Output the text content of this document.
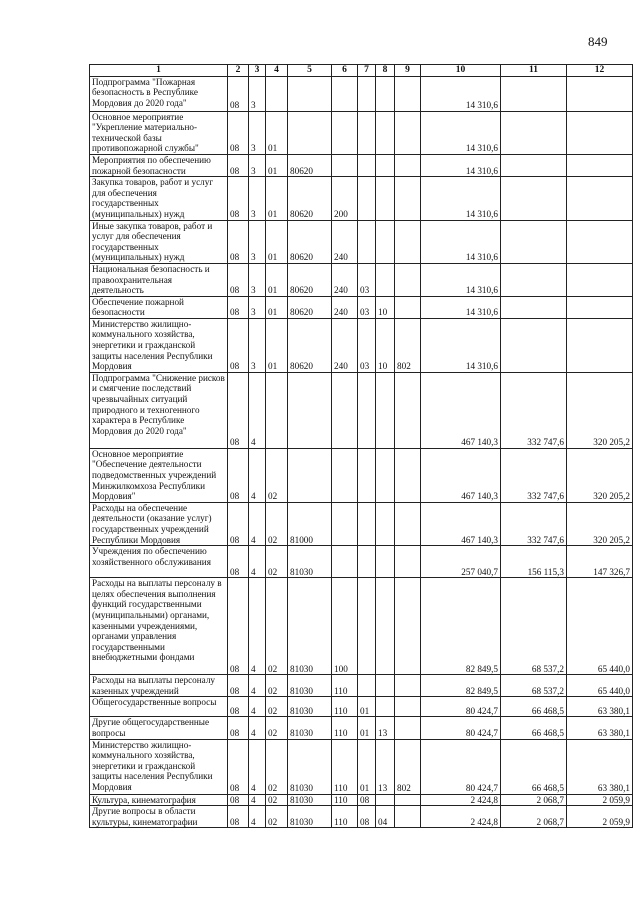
849
1	2	3	4	5	6	7	8	9	10	11	12
Подпрограмма "Пожарная безопасность в Республике Мордовия до 2020 года"	08	3							14 310,6		
Основное мероприятие "Укрепление материально-технической базы противопожарной службы"	08	3	01						14 310,6		
Мероприятия по обеспечению пожарной безопасности	08	3	01	80620					14 310,6		
Закупка товаров, работ и услуг для обеспечения государственных (муниципальных) нужд	08	3	01	80620	200				14 310,6		
Иные закупка товаров, работ и услуг для обеспечения государственных (муниципальных) нужд	08	3	01	80620	240				14 310,6		
Национальная безопасность и правоохранительная деятельность	08	3	01	80620	240	03			14 310,6		
Обеспечение пожарной безопасности	08	3	01	80620	240	03	10		14 310,6		
Министерство жилищно-коммунального хозяйства, энергетики и гражданской защиты населения Республики Мордовия	08	3	01	80620	240	03	10	802	14 310,6		
Подпрограмма "Снижение рисков и смягчение последствий чрезвычайных ситуаций природного и техногенного характера в Республике Мордовия до 2020 года"	08	4							467 140,3	332 747,6	320 205,2
Основное мероприятие "Обеспечение деятельности подведомственных учреждений Минжилкомхоза Республики Мордовия"	08	4	02						467 140,3	332 747,6	320 205,2
Расходы на обеспечение деятельности (оказание услуг) государственных учреждений Республики Мордовия	08	4	02	81000					467 140,3	332 747,6	320 205,2
Учреждения по обеспечению хозяйственного обслуживания	08	4	02	81030					257 040,7	156 115,3	147 326,7
Расходы на выплаты персоналу в целях обеспечения выполнения функций государственными (муниципальными) органами, казенными учреждениями, органами управления государственными внебюджетными фондами	08	4	02	81030	100				82 849,5	68 537,2	65 440,0
Расходы на выплаты персоналу казенных учреждений	08	4	02	81030	110				82 849,5	68 537,2	65 440,0
Общегосударственные вопросы	08	4	02	81030	110	01			80 424,7	66 468,5	63 380,1
Другие общегосударственные вопросы	08	4	02	81030	110	01	13		80 424,7	66 468,5	63 380,1
Министерство жилищно-коммунального хозяйства, энергетики и гражданской защиты населения Республики Мордовия	08	4	02	81030	110	01	13	802	80 424,7	66 468,5	63 380,1
Культура, кинематография	08	4	02	81030	110	08			2 424,8	2 068,7	2 059,9
Другие вопросы в области культуры, кинематографии	08	4	02	81030	110	08	04		2 424,8	2 068,7	2 059,9
